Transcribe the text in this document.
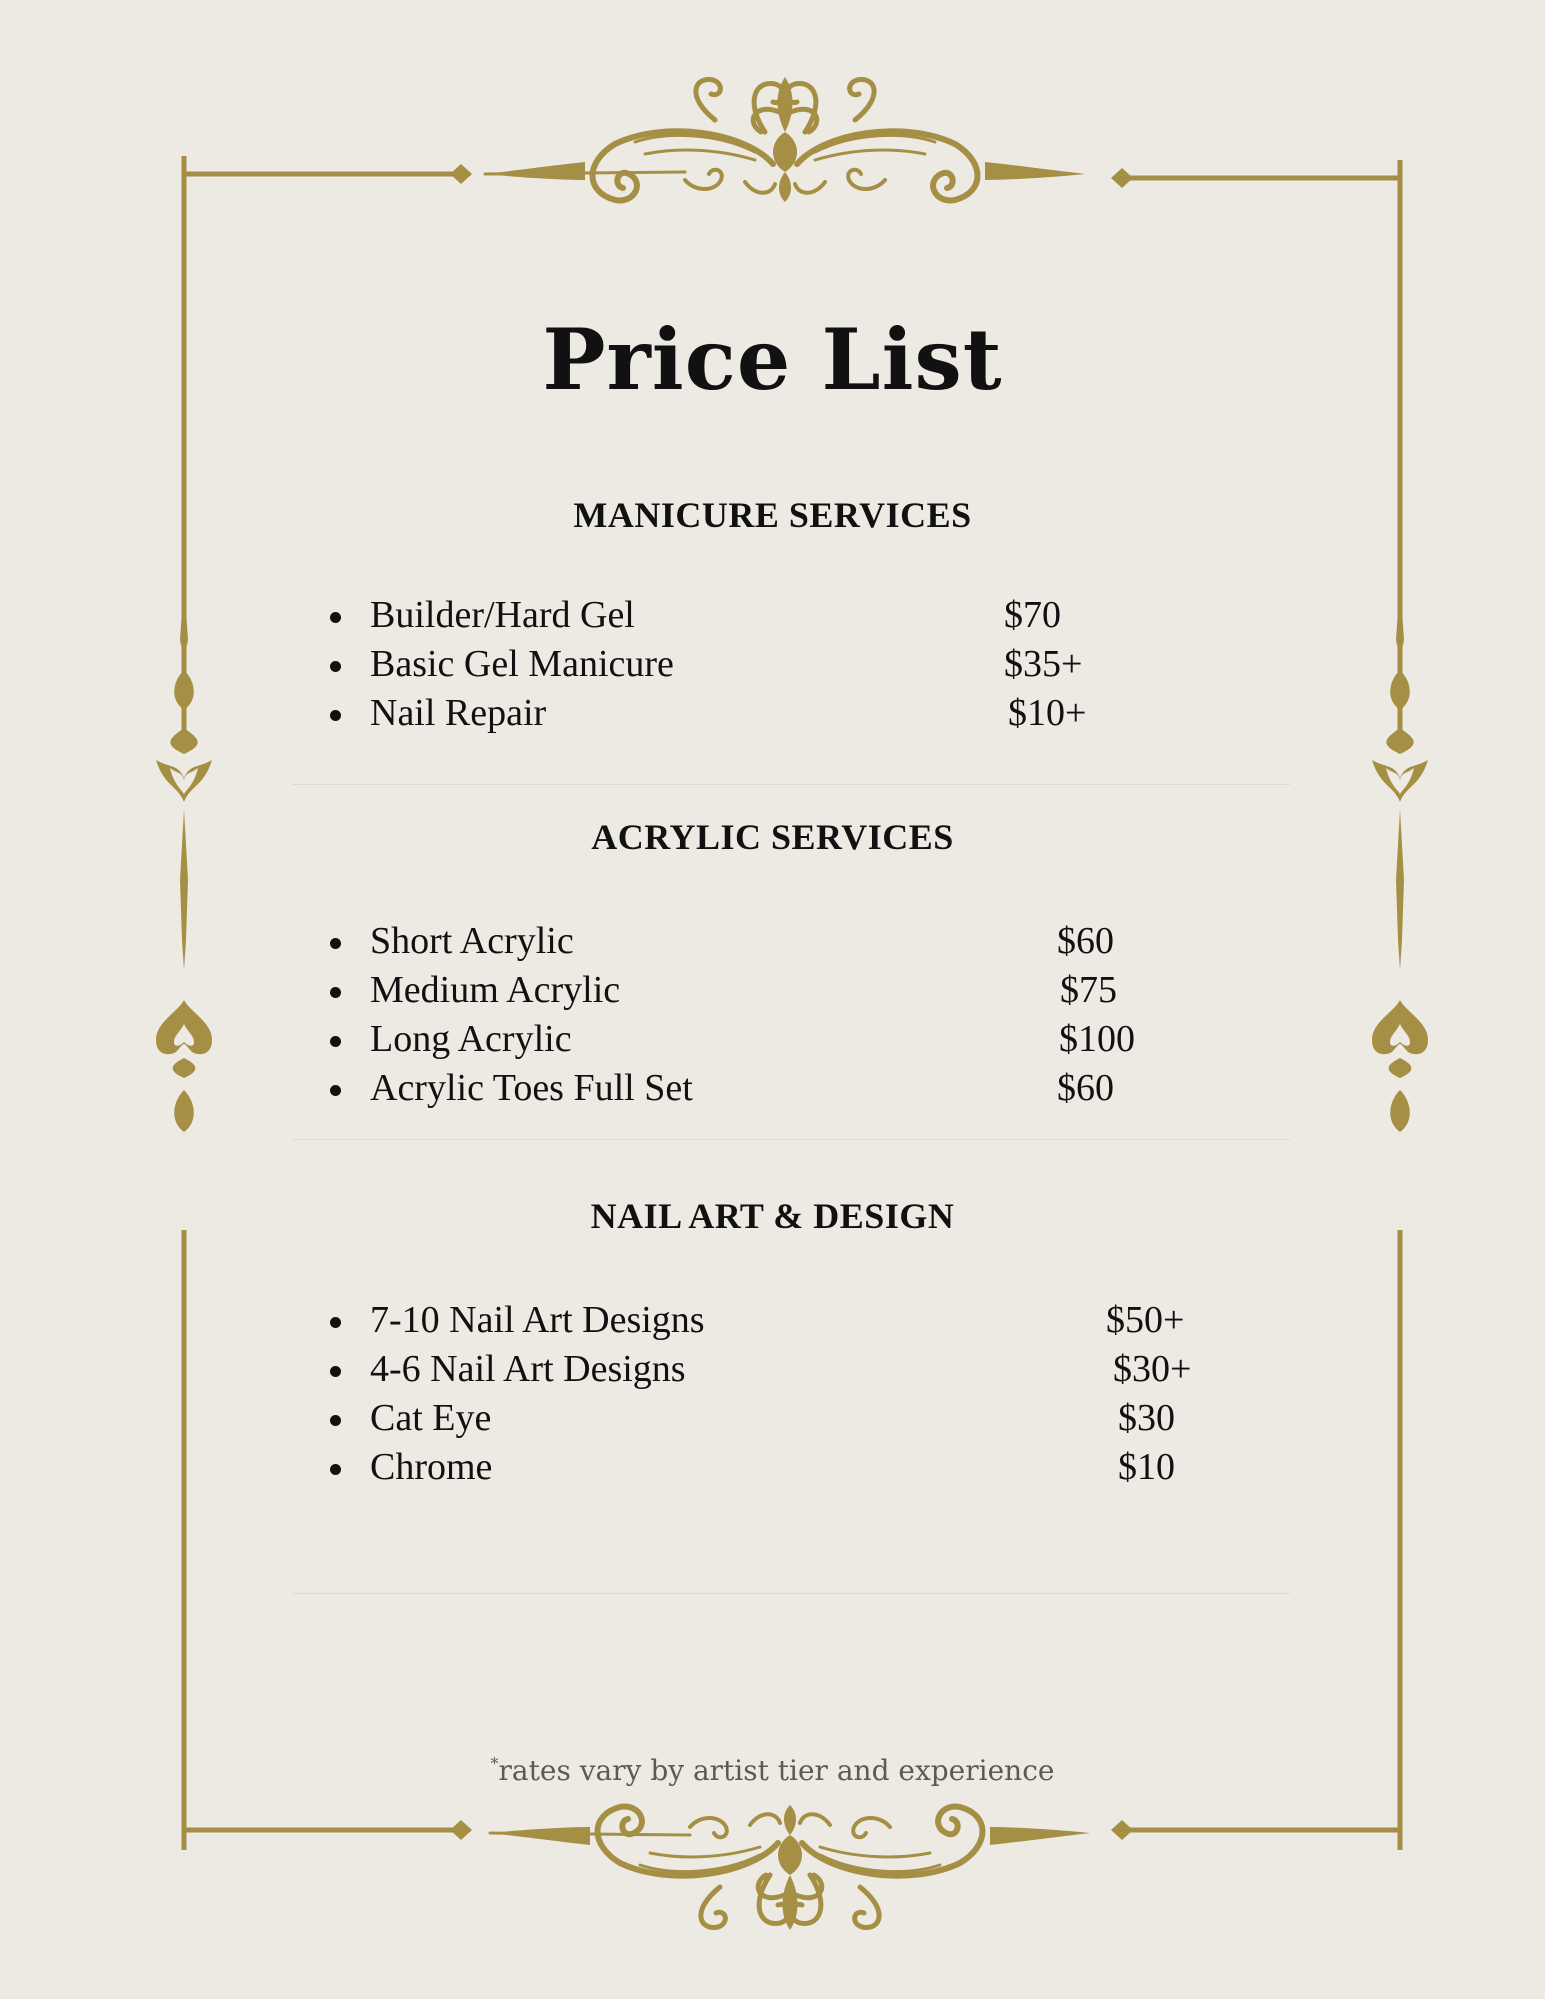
Price List
MANICURE SERVICES
Builder/Hard Gel	$70
Basic Gel Manicure	$35+
Nail Repair	$10+
ACRYLIC SERVICES
Short Acrylic	$60
Medium Acrylic	$75
Long Acrylic	$100
Acrylic Toes Full Set	$60
NAIL ART & DESIGN
7-10 Nail Art Designs	$50+
4-6 Nail Art Designs	$30+
Cat Eye	$30
Chrome	$10
*rates vary by artist tier and experience
